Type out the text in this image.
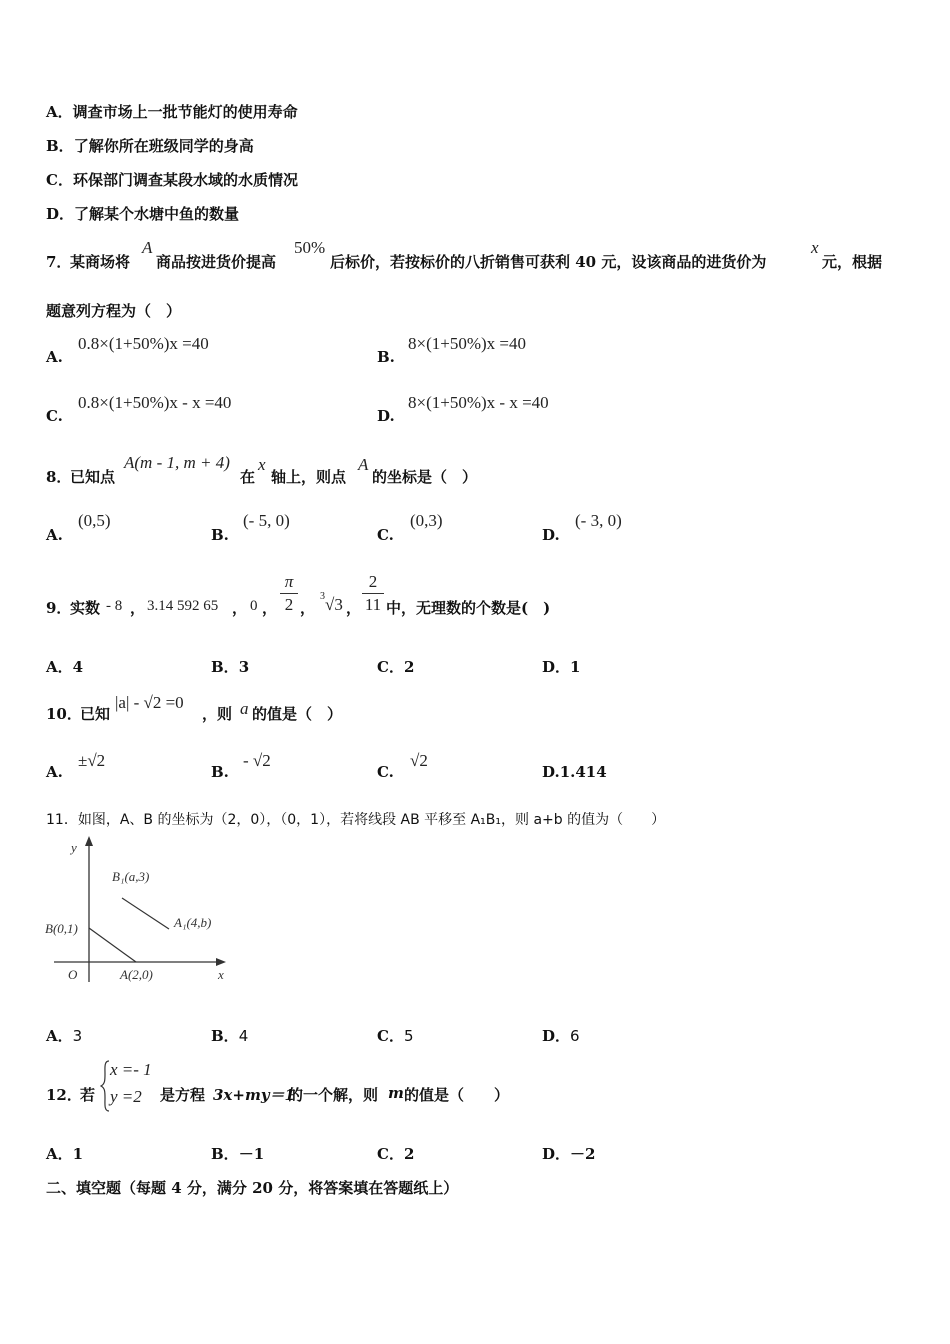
A．调查市场上一批节能灯的使用寿命
B．了解你所在班级同学的身高
C．环保部门调查某段水域的水质情况
D．了解某个水塘中鱼的数量
7．
某商场将
A
商品按进货价提高
50%
后标价，若按标价的八折销售可获利 40 元，设该商品的进货价为
x
元，根据
题意列方程为（　）
A.
0.8×(1+50%)x =40
B.
8×(1+50%)x =40
C.
0.8×(1+50%)x - x =40
D.
8×(1+50%)x - x =40
8．
已知点
A(m - 1, m + 4)
在
x
轴上，则点
A
的坐标是（　）
A.
(0,5)
B.
(- 5, 0)
C.
(0,3)
D.
(- 3, 0)
9．
实数 - 8 ， 3.14 592 65 ， 0 ，
π
2 ，
3 √3 ，
2
11 中，无理数的个数是(　)
A．4	B．3	C．2	D．1
10．
已知
|a| - √2 =0
，则 a 的值是（　）
A.
±√2
B.
- √2
C.
√2
D.1.414
11．如图，A、B 的坐标为（2，0），（0，1），若将线段 AB 平移至 A₁B₁，则 a+b 的值为（　　）
y
x
O
B(0,1)
A(2,0)
B₁(a,3)
A₁(4,b)
A．3	B．4	C．5	D．6
12．
若
x =- 1
y =2 是方程 3x+my＝1
的一个解，则 m 的值是（　　）
A．1	B．－1	C．2	D．－2
二、填空题（每题 4 分，满分 20 分，将答案填在答题纸上）
